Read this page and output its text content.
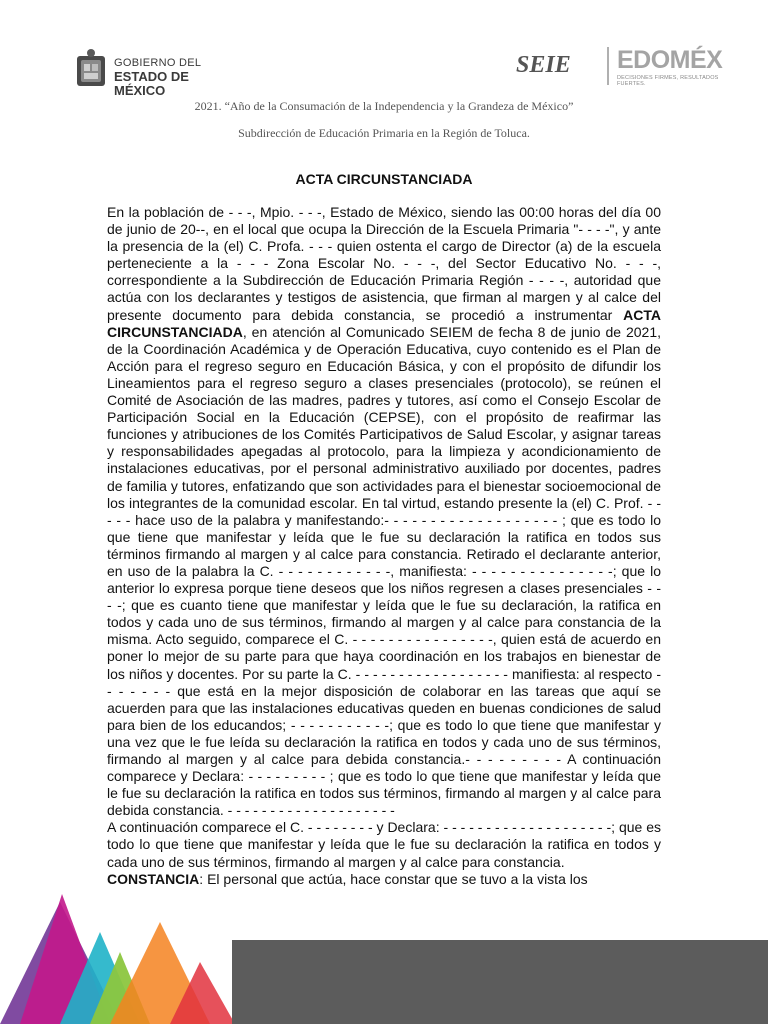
GOBIERNO DEL
ESTADO DE MÉXICO
SEIE EDOMÉX
DECISIONES FIRMES, RESULTADOS FUERTES.
2021. “Año de la Consumación de la Independencia y la Grandeza de México”
Subdirección de Educación Primaria en la Región de Toluca.
ACTA CIRCUNSTANCIADA

En la población de - - -, Mpio. - - -, Estado de México, siendo las 00:00 horas del día 00 de junio de 20--, en el local que ocupa la Dirección de la Escuela Primaria "- - - -", y ante la presencia de la (el) C. Profa. - - - quien ostenta el cargo de Director (a) de la escuela perteneciente a la - - - Zona Escolar No. - - -, del Sector Educativo No. - - -, correspondiente a la Subdirección de Educación Primaria Región - - - -, autoridad que actúa con los declarantes y testigos de asistencia, que firman al margen y al calce del presente documento para debida constancia, se procedió a instrumentar ACTA CIRCUNSTANCIADA, en atención al Comunicado SEIEM de fecha 8 de junio de 2021, de la Coordinación Académica y de Operación Educativa, cuyo contenido es el Plan de Acción para el regreso seguro en Educación Básica, y con el propósito de difundir los Lineamientos para el regreso seguro a clases presenciales (protocolo), se reúnen el Comité de Asociación de las madres, padres y tutores, así como el Consejo Escolar de Participación Social en la Educación (CEPSE), con el propósito de reafirmar las funciones y atribuciones de los Comités Participativos de Salud Escolar, y asignar tareas y responsabilidades apegadas al protocolo, para la limpieza y acondicionamiento de instalaciones educativas, por el personal administrativo auxiliado por docentes, padres de familia y tutores, enfatizando que son actividades para el bienestar socioemocional de los integrantes de la comunidad escolar. En tal virtud, estando presente la (el) C. Prof. - - - - - hace uso de la palabra y manifestando:- - - - - - - - - - - - - - - - - - - ; que es todo lo que tiene que manifestar y leída que le fue su declaración la ratifica en todos sus términos firmando al margen y al calce para constancia. Retirado el declarante anterior, en uso de la palabra la C. - - - - - - - - - - - -, manifiesta: - - - - - - - - - - - - - - -; que lo anterior lo expresa porque tiene deseos que los niños regresen a clases presenciales - - - -; que es cuanto tiene que manifestar y leída que le fue su declaración, la ratifica en todos y cada uno de sus términos, firmando al margen y al calce para constancia de la misma. Acto seguido, comparece el C. - - - - - - - - - - - - - - - -, quien está de acuerdo en poner lo mejor de su parte para que haya coordinación en los trabajos en bienestar de los niños y docentes. Por su parte la C. - - - - - - - - - - - - - - - - - - manifiesta: al respecto - - - - - - - que está en la mejor disposición de colaborar en las tareas que aquí se acuerden para que las instalaciones educativas queden en buenas condiciones de salud para bien de los educandos; - - - - - - - - - - -; que es todo lo que tiene que manifestar y una vez que le fue leída su declaración la ratifica en todos y cada uno de sus términos, firmando al margen y al calce para debida constancia.- - - - - - - - - A continuación comparece y Declara: - - - - - - - - - ; que es todo lo que tiene que manifestar y leída que le fue su declaración la ratifica en todos sus términos, firmando al margen y al calce para debida constancia. - - - - - - - - - - - - - - - - - - - -

A continuación comparece el C. - - - - - - - - y Declara: - - - - - - - - - - - - - - - - - - - -; que es todo lo que tiene que manifestar y leída que le fue su declaración la ratifica en todos y cada uno de sus términos, firmando al margen y al calce para constancia.

CONSTANCIA: El personal que actúa, hace constar que se tuvo a la vista los
